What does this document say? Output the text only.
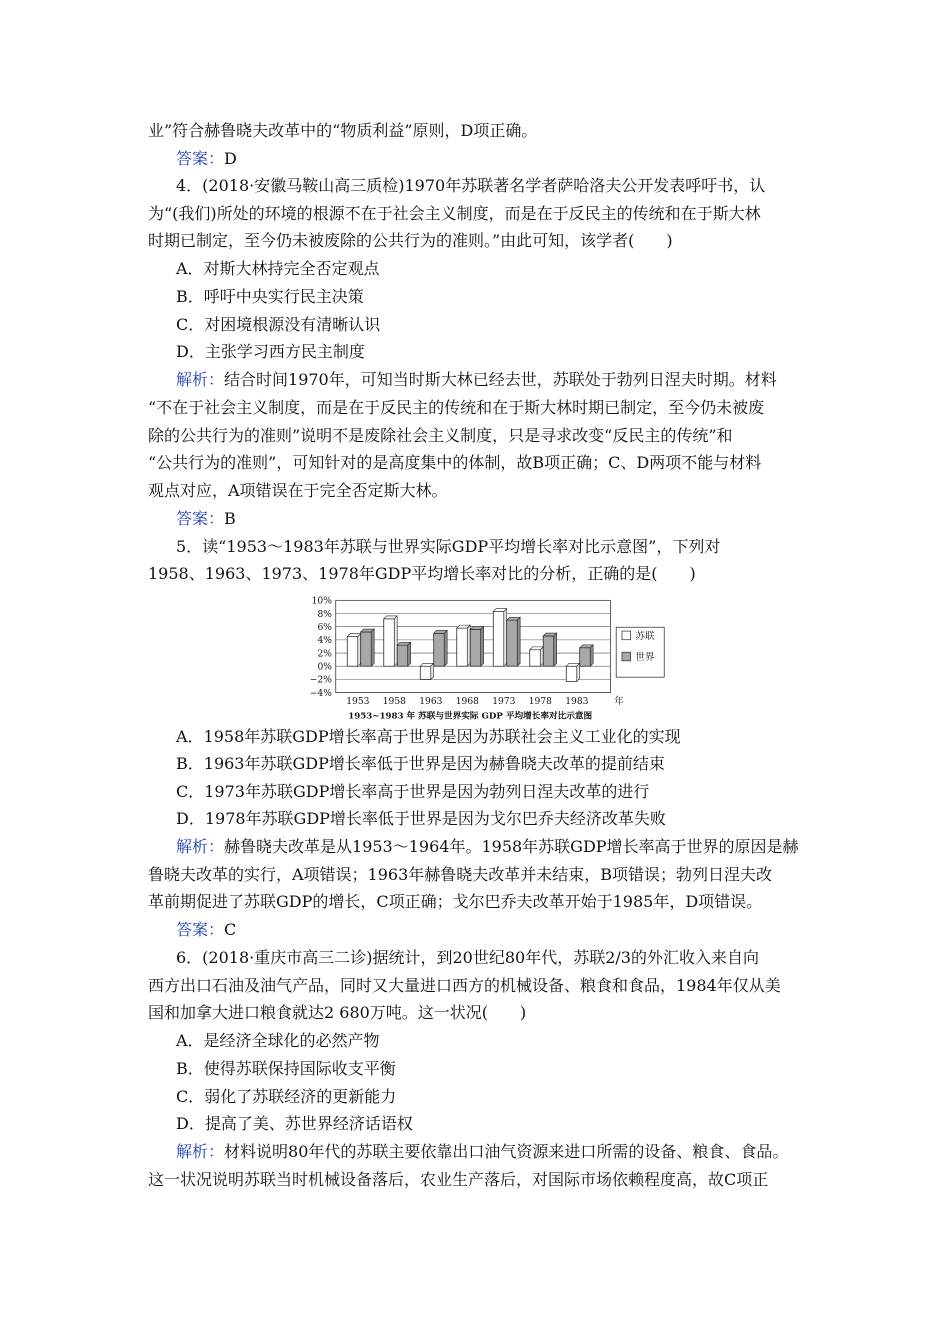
业”符合赫鲁晓夫改革中的“物质利益”原则，D项正确。
答案：D
4．(2018·安徽马鞍山高三质检)1970年苏联著名学者萨哈洛夫公开发表呼吁书，认
为“(我们)所处的环境的根源不在于社会主义制度，而是在于反民主的传统和在于斯大林
时期已制定，至今仍未被废除的公共行为的准则。”由此可知，该学者(　　)
A．对斯大林持完全否定观点
B．呼吁中央实行民主决策
C．对困境根源没有清晰认识
D．主张学习西方民主制度
解析：结合时间1970年，可知当时斯大林已经去世，苏联处于勃列日涅夫时期。材料
“不在于社会主义制度，而是在于反民主的传统和在于斯大林时期已制定，至今仍未被废
除的公共行为的准则”说明不是废除社会主义制度，只是寻求改变“反民主的传统”和
“公共行为的准则”，可知针对的是高度集中的体制，故B项正确；C、D两项不能与材料
观点对应，A项错误在于完全否定斯大林。
答案：B
5．读“1953～1983年苏联与世界实际GDP平均增长率对比示意图”，下列对
1958、1963、1973、1978年GDP平均增长率对比的分析，正确的是(　　)
A．1958年苏联GDP增长率高于世界是因为苏联社会主义工业化的实现
B．1963年苏联GDP增长率低于世界是因为赫鲁晓夫改革的提前结束
C．1973年苏联GDP增长率高于世界是因为勃列日涅夫改革的进行
D．1978年苏联GDP增长率低于世界是因为戈尔巴乔夫经济改革失败
解析：赫鲁晓夫改革是从1953～1964年。1958年苏联GDP增长率高于世界的原因是赫
鲁晓夫改革的实行，A项错误；1963年赫鲁晓夫改革并未结束，B项错误；勃列日涅夫改
革前期促进了苏联GDP的增长，C项正确；戈尔巴乔夫改革开始于1985年，D项错误。
答案：C
6．(2018·重庆市高三二诊)据统计，到20世纪80年代，苏联2/3的外汇收入来自向
西方出口石油及油气产品，同时又大量进口西方的机械设备、粮食和食品，1984年仅从美
国和加拿大进口粮食就达2 680万吨。这一状况(　　)
A．是经济全球化的必然产物
B．使得苏联保持国际收支平衡
C．弱化了苏联经济的更新能力
D．提高了美、苏世界经济话语权
解析：材料说明80年代的苏联主要依靠出口油气资源来进口所需的设备、粮食、食品。
这一状况说明苏联当时机械设备落后，农业生产落后，对国际市场依赖程度高，故C项正
10%
8%
6%
4%
2%
0%
−2%
−4%
1953 1958 1963 1968 1973 1978 1983	年
苏联
世界
1953~1983 年 苏联与世界实际 GDP 平均增长率对比示意图
